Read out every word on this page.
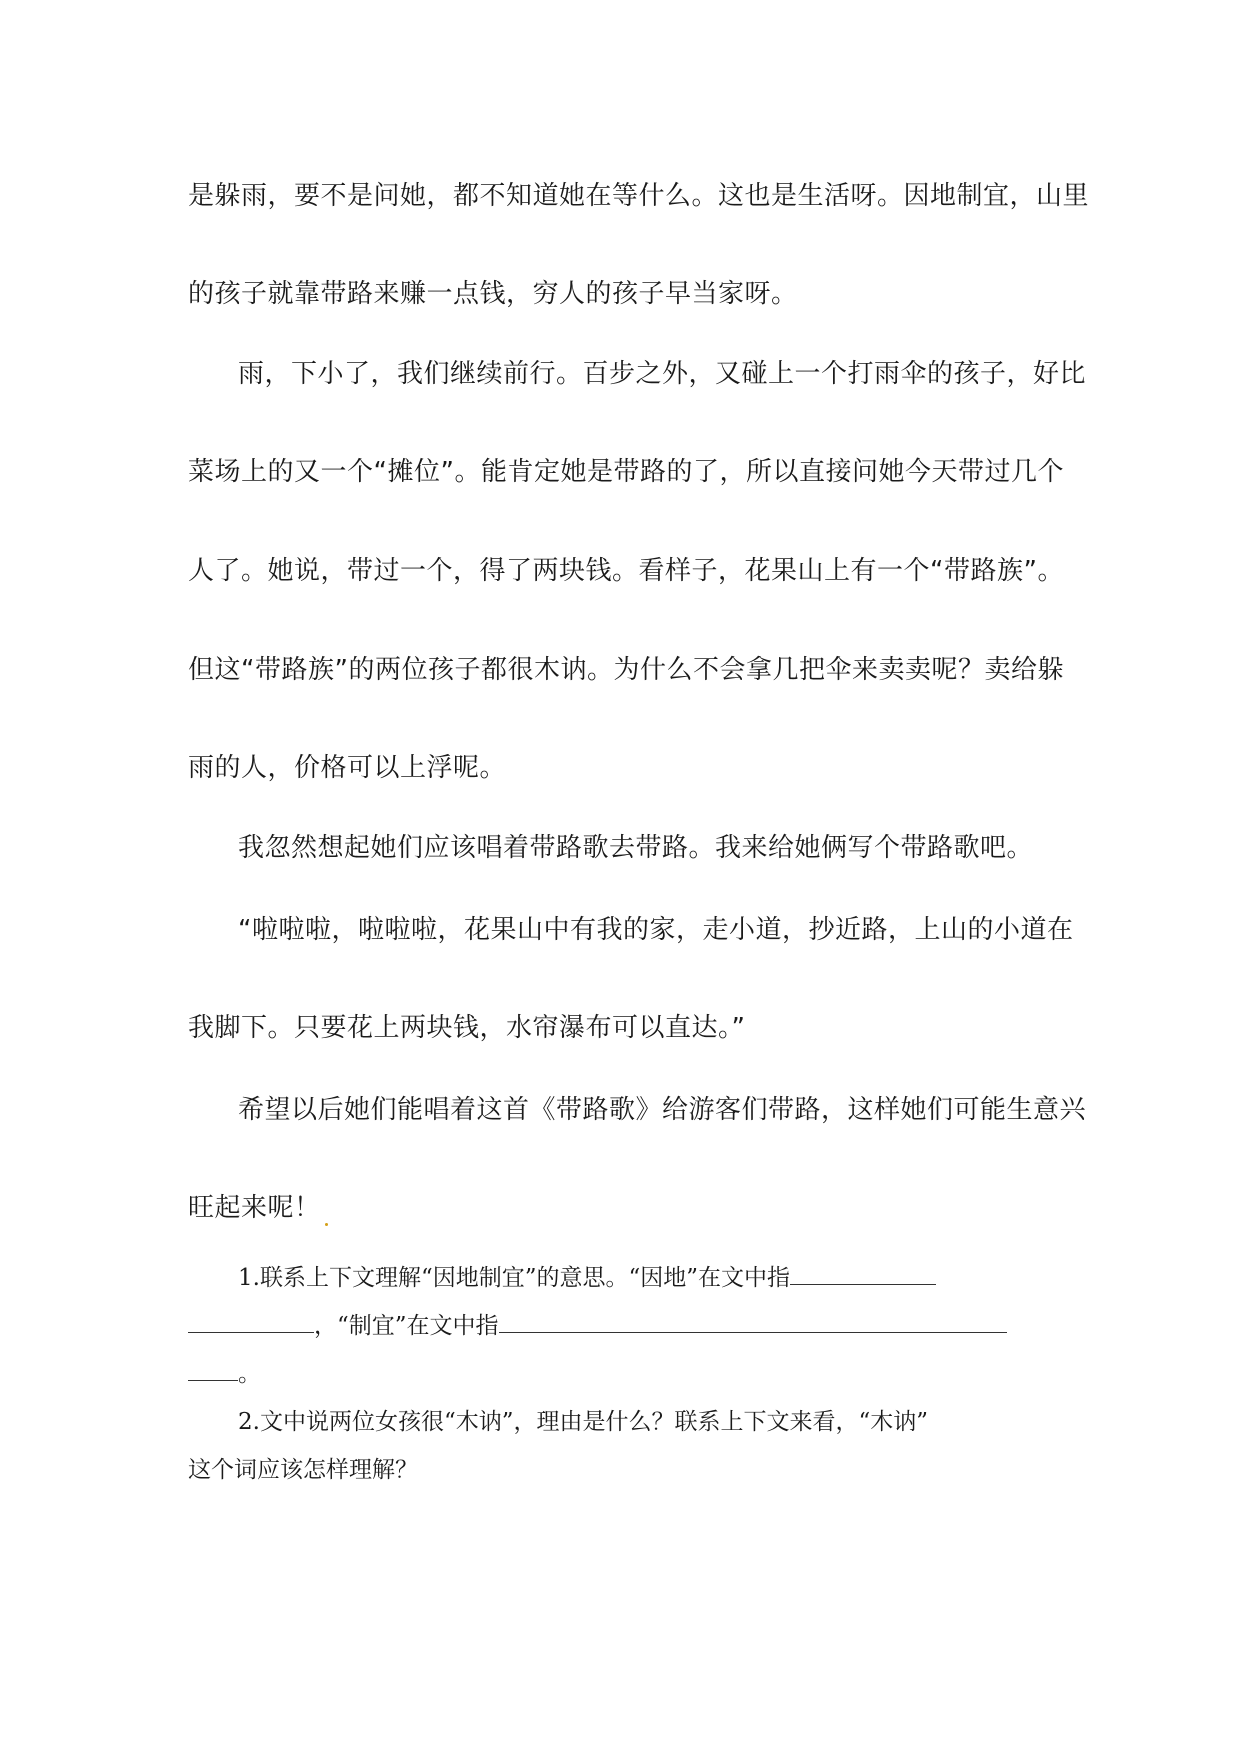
是躲雨，要不是问她，都不知道她在等什么。这也是生活呀。因地制宜，山里
的孩子就靠带路来赚一点钱，穷人的孩子早当家呀。
雨，下小了，我们继续前行。百步之外，又碰上一个打雨伞的孩子，好比
菜场上的又一个“摊位”。能肯定她是带路的了，所以直接问她今天带过几个
人了。她说，带过一个，得了两块钱。看样子，花果山上有一个“带路族”。
但这“带路族”的两位孩子都很木讷。为什么不会拿几把伞来卖卖呢？卖给躲
雨的人，价格可以上浮呢。
我忽然想起她们应该唱着带路歌去带路。我来给她俩写个带路歌吧。
“啦啦啦，啦啦啦，花果山中有我的家，走小道，抄近路，上山的小道在
我脚下。只要花上两块钱，水帘瀑布可以直达。”
希望以后她们能唱着这首《带路歌》给游客们带路，这样她们可能生意兴
旺起来呢！
1.联系上下文理解“因地制宜”的意思。“因地”在文中指
，“制宜”在文中指
。
2.文中说两位女孩很“木讷”，理由是什么？联系上下文来看，“木讷”
这个词应该怎样理解？
